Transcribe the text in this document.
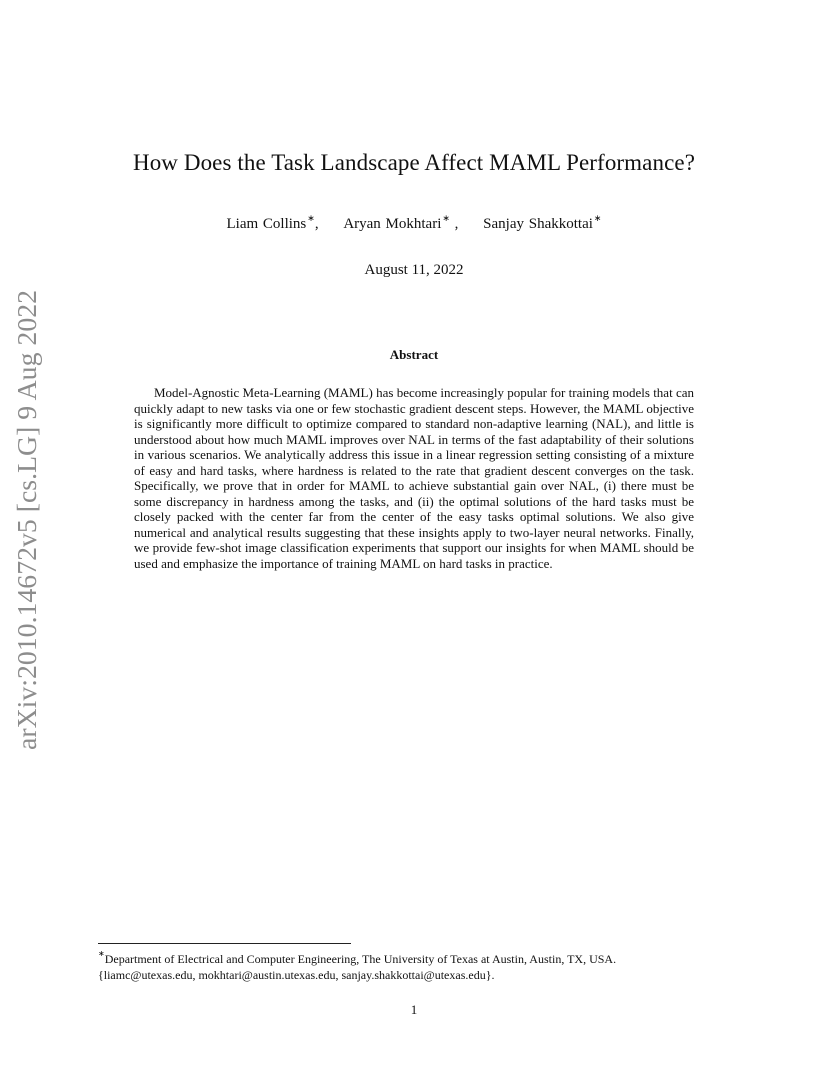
arXiv:2010.14672v5 [cs.LG] 9 Aug 2022
How Does the Task Landscape Affect MAML Performance?
Liam Collins∗, Aryan Mokhtari∗ , Sanjay Shakkottai∗
August 11, 2022
Abstract

Model-Agnostic Meta-Learning (MAML) has become increasingly popular for training models that can quickly adapt to new tasks via one or few stochastic gradient descent steps. However, the MAML objective is significantly more difficult to optimize compared to standard non-adaptive learning (NAL), and little is understood about how much MAML improves over NAL in terms of the fast adaptability of their solutions in various scenarios. We analytically address this issue in a linear regression setting consisting of a mixture of easy and hard tasks, where hardness is related to the rate that gradient descent converges on the task. Specifically, we prove that in order for MAML to achieve substantial gain over NAL, (i) there must be some discrepancy in hardness among the tasks, and (ii) the optimal solutions of the hard tasks must be closely packed with the center far from the center of the easy tasks optimal solutions. We also give numerical and analytical results suggesting that these insights apply to two-layer neural networks. Finally, we provide few-shot image classification experiments that support our insights for when MAML should be used and emphasize the importance of training MAML on hard tasks in practice.

∗Department of Electrical and Computer Engineering, The University of Texas at Austin, Austin, TX, USA.
{liamc@utexas.edu, mokhtari@austin.utexas.edu, sanjay.shakkottai@utexas.edu}.
1
